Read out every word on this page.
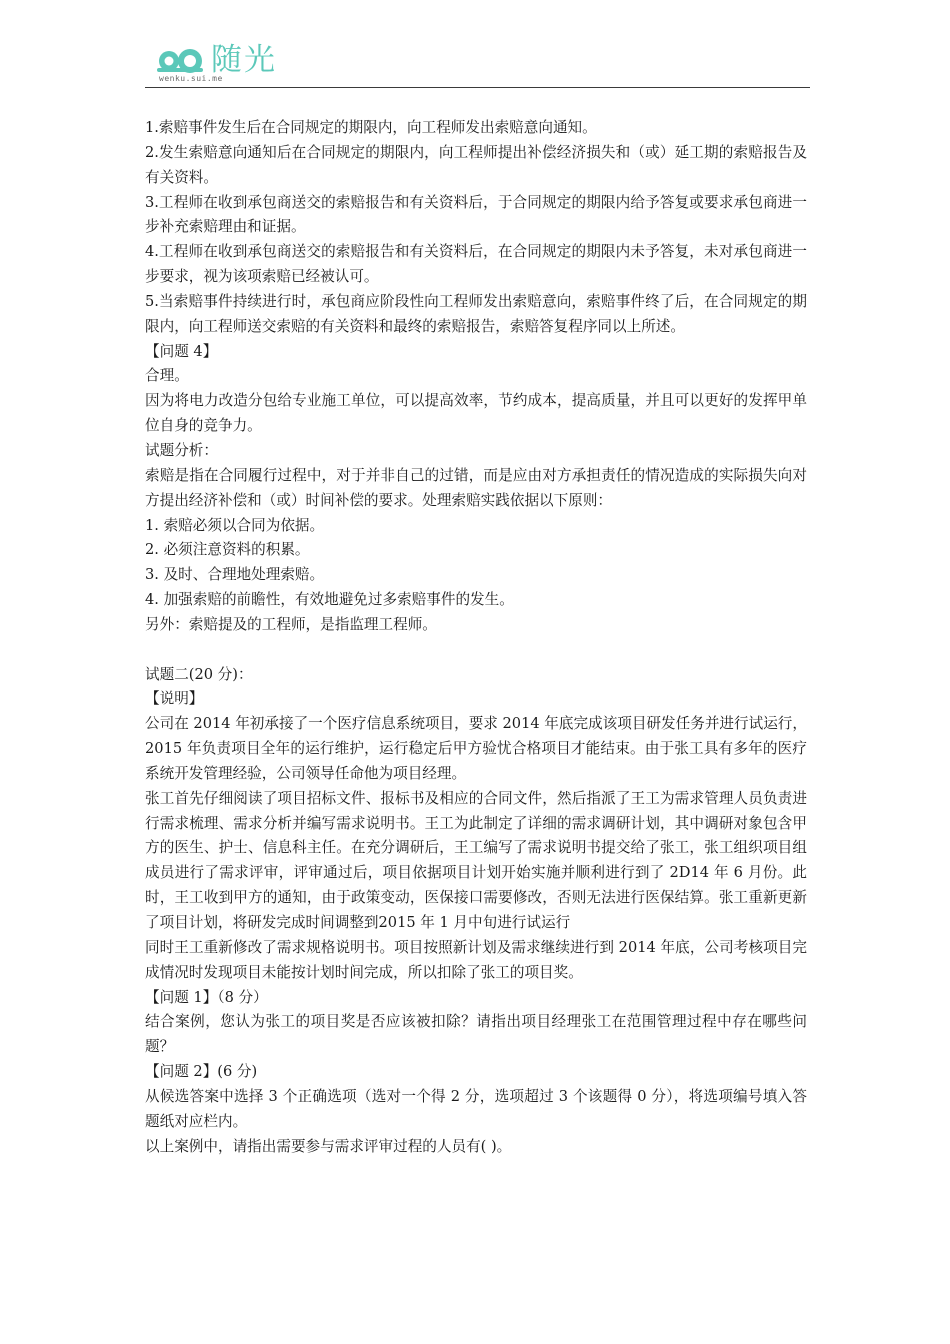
随光
wenku.sui.me

1.索赔事件发生后在合同规定的期限内，向工程师发出索赔意向通知。

2.发生索赔意向通知后在合同规定的期限内，向工程师提出补偿经济损失和（或）延工期的索赔报告及有关资料。

3.工程师在收到承包商送交的索赔报告和有关资料后，于合同规定的期限内给予答复或要求承包商进一步补充索赔理由和证据。

4.工程师在收到承包商送交的索赔报告和有关资料后，在合同规定的期限内未予答复，未对承包商进一步要求，视为该项索赔已经被认可。

5.当索赔事件持续进行时，承包商应阶段性向工程师发出索赔意向，索赔事件终了后，在合同规定的期限内，向工程师送交索赔的有关资料和最终的索赔报告，索赔答复程序同以上所述。

【问题 4】

合理。

因为将电力改造分包给专业施工单位，可以提高效率，节约成本，提高质量，并且可以更好的发挥甲单位自身的竞争力。

试题分析：

索赔是指在合同履行过程中，对于并非自己的过错，而是应由对方承担责任的情况造成的实际损失向对方提出经济补偿和（或）时间补偿的要求。处理索赔实践依据以下原则：

1. 索赔必须以合同为依据。

2. 必须注意资料的积累。

3. 及时、合理地处理索赔。

4. 加强索赔的前瞻性，有效地避免过多索赔事件的发生。

另外：索赔提及的工程师，是指监理工程师。

试题二(20 分)：

【说明】

公司在 2014 年初承接了一个医疗信息系统项目，要求 2014 年底完成该项目研发任务并进行试运行，2015 年负责项目全年的运行维护，运行稳定后甲方验忧合格项目才能结束。由于张工具有多年的医疗系统开发管理经验，公司领导任命他为项目经理。

张工首先仔细阅读了项目招标文件、报标书及相应的合同文件，然后指派了王工为需求管理人员负责进行需求梳理、需求分析并编写需求说明书。王工为此制定了详细的需求调研计划，其中调研对象包含甲方的医生、护士、信息科主任。在充分调研后，王工编写了需求说明书提交给了张工，张工组织项目组成员进行了需求评审，评审通过后，项目依据项目计划开始实施并顺利进行到了 2D14 年 6 月份。此时，王工收到甲方的通知，由于政策变动，医保接口需要修改，否则无法进行医保结算。张工重新更新了项目计划，将研发完成时间调整到2015 年 1 月中旬进行试运行

同时王工重新修改了需求规格说明书。项目按照新计划及需求继续进行到 2014 年底，公司考核项目完成情况时发现项目未能按计划时间完成，所以扣除了张工的项目奖。

【问题 1】（8 分）

结合案例，您认为张工的项目奖是否应该被扣除？请指出项目经理张工在范围管理过程中存在哪些问题？

【问题 2】(6 分)

从候选答案中选择 3 个正确选项（选对一个得 2 分，选项超过 3 个该题得 0 分），将选项编号填入答题纸对应栏内。

以上案例中，请指出需要参与需求评审过程的人员有( )。
